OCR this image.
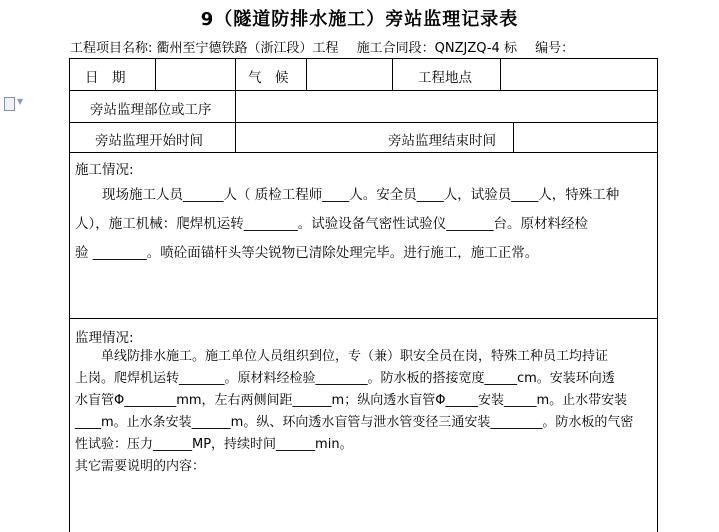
9（隧道防排水施工）旁站监理记录表
工程项目名称: 衢州至宁德铁路（浙江段）工程 施工合同段：QNZJZQ-4 标 编号：
▼
日　期	气　候	工程地点
旁站监理部位或工序
旁站监理开始时间	旁站监理结束时间
施工情况:
　　现场施工人员______人（ 质检工程师____人。安全员____人，试验员____人，特殊工种
人），施工机械：爬焊机运转________。试验设备气密性试验仪_______台。原材料经检
验 ________。喷砼面锚杆头等尖锐物已清除处理完毕。进行施工，施工正常。
监理情况:
　　单线防排水施工。施工单位人员组织到位，专（兼）职安全员在岗，特殊工种员工均持证
上岗。爬焊机运转_______。原材料经检验________。防水板的搭接宽度_____cm。安装环向透
水盲管Φ________mm，左右两侧间距______m；纵向透水盲管Φ_____安装_____m。止水带安装
____m。止水条安装______m。纵、环向透水盲管与泄水管变径三通安装________。防水板的气密
性试验：压力______MP，持续时间______min。
其它需要说明的内容：
